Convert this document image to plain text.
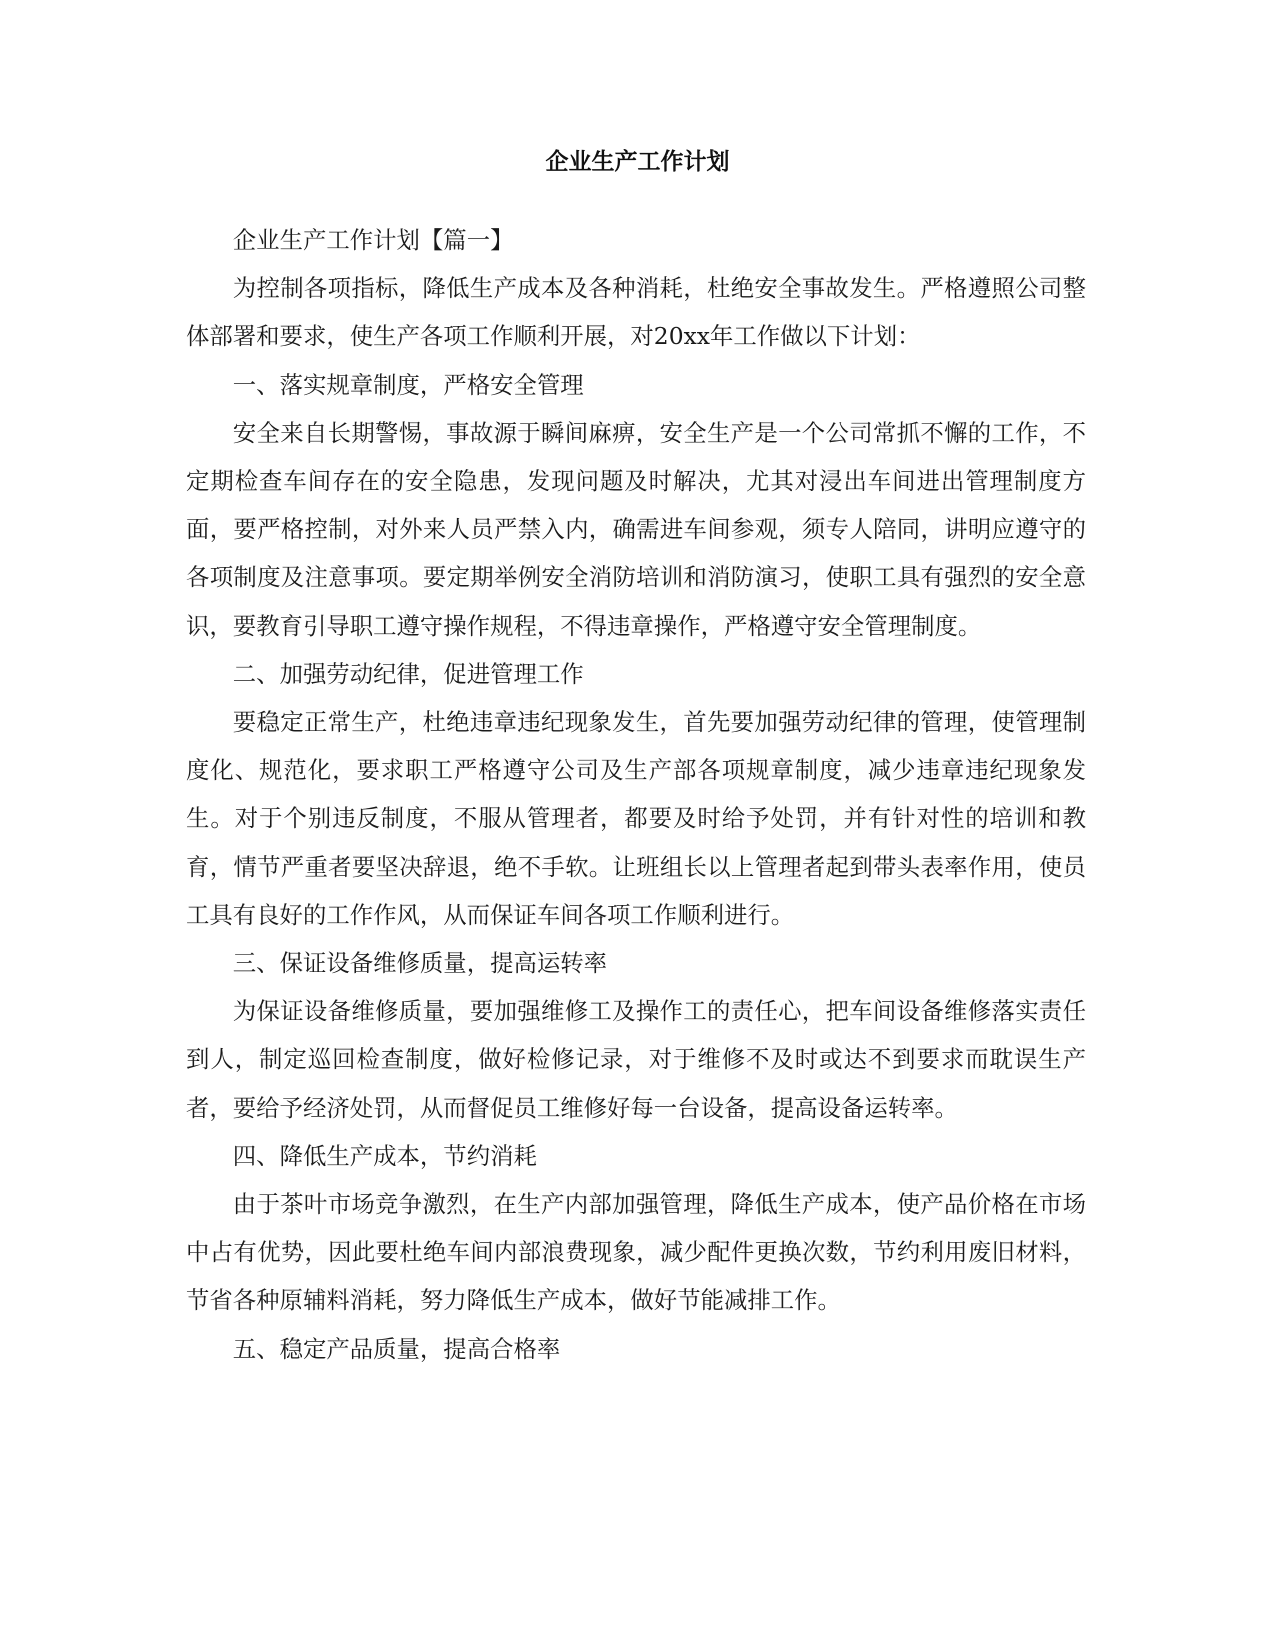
企业生产工作计划

企业生产工作计划【篇一】

为控制各项指标，降低生产成本及各种消耗，杜绝安全事故发生。严格遵照公司整体部署和要求，使生产各项工作顺利开展，对20xx年工作做以下计划：

一、落实规章制度，严格安全管理

安全来自长期警惕，事故源于瞬间麻痹，安全生产是一个公司常抓不懈的工作，不定期检查车间存在的安全隐患，发现问题及时解决，尤其对浸出车间进出管理制度方面，要严格控制，对外来人员严禁入内，确需进车间参观，须专人陪同，讲明应遵守的各项制度及注意事项。要定期举例安全消防培训和消防演习，使职工具有强烈的安全意识，要教育引导职工遵守操作规程，不得违章操作，严格遵守安全管理制度。

二、加强劳动纪律，促进管理工作

要稳定正常生产，杜绝违章违纪现象发生，首先要加强劳动纪律的管理，使管理制度化、规范化，要求职工严格遵守公司及生产部各项规章制度，减少违章违纪现象发生。对于个别违反制度，不服从管理者，都要及时给予处罚，并有针对性的培训和教育，情节严重者要坚决辞退，绝不手软。让班组长以上管理者起到带头表率作用，使员工具有良好的工作作风，从而保证车间各项工作顺利进行。

三、保证设备维修质量，提高运转率

为保证设备维修质量，要加强维修工及操作工的责任心，把车间设备维修落实责任到人，制定巡回检查制度，做好检修记录，对于维修不及时或达不到要求而耽误生产者，要给予经济处罚，从而督促员工维修好每一台设备，提高设备运转率。

四、降低生产成本，节约消耗

由于茶叶市场竞争激烈，在生产内部加强管理，降低生产成本，使产品价格在市场中占有优势，因此要杜绝车间内部浪费现象，减少配件更换次数，节约利用废旧材料，节省各种原辅料消耗，努力降低生产成本，做好节能减排工作。

五、稳定产品质量，提高合格率
